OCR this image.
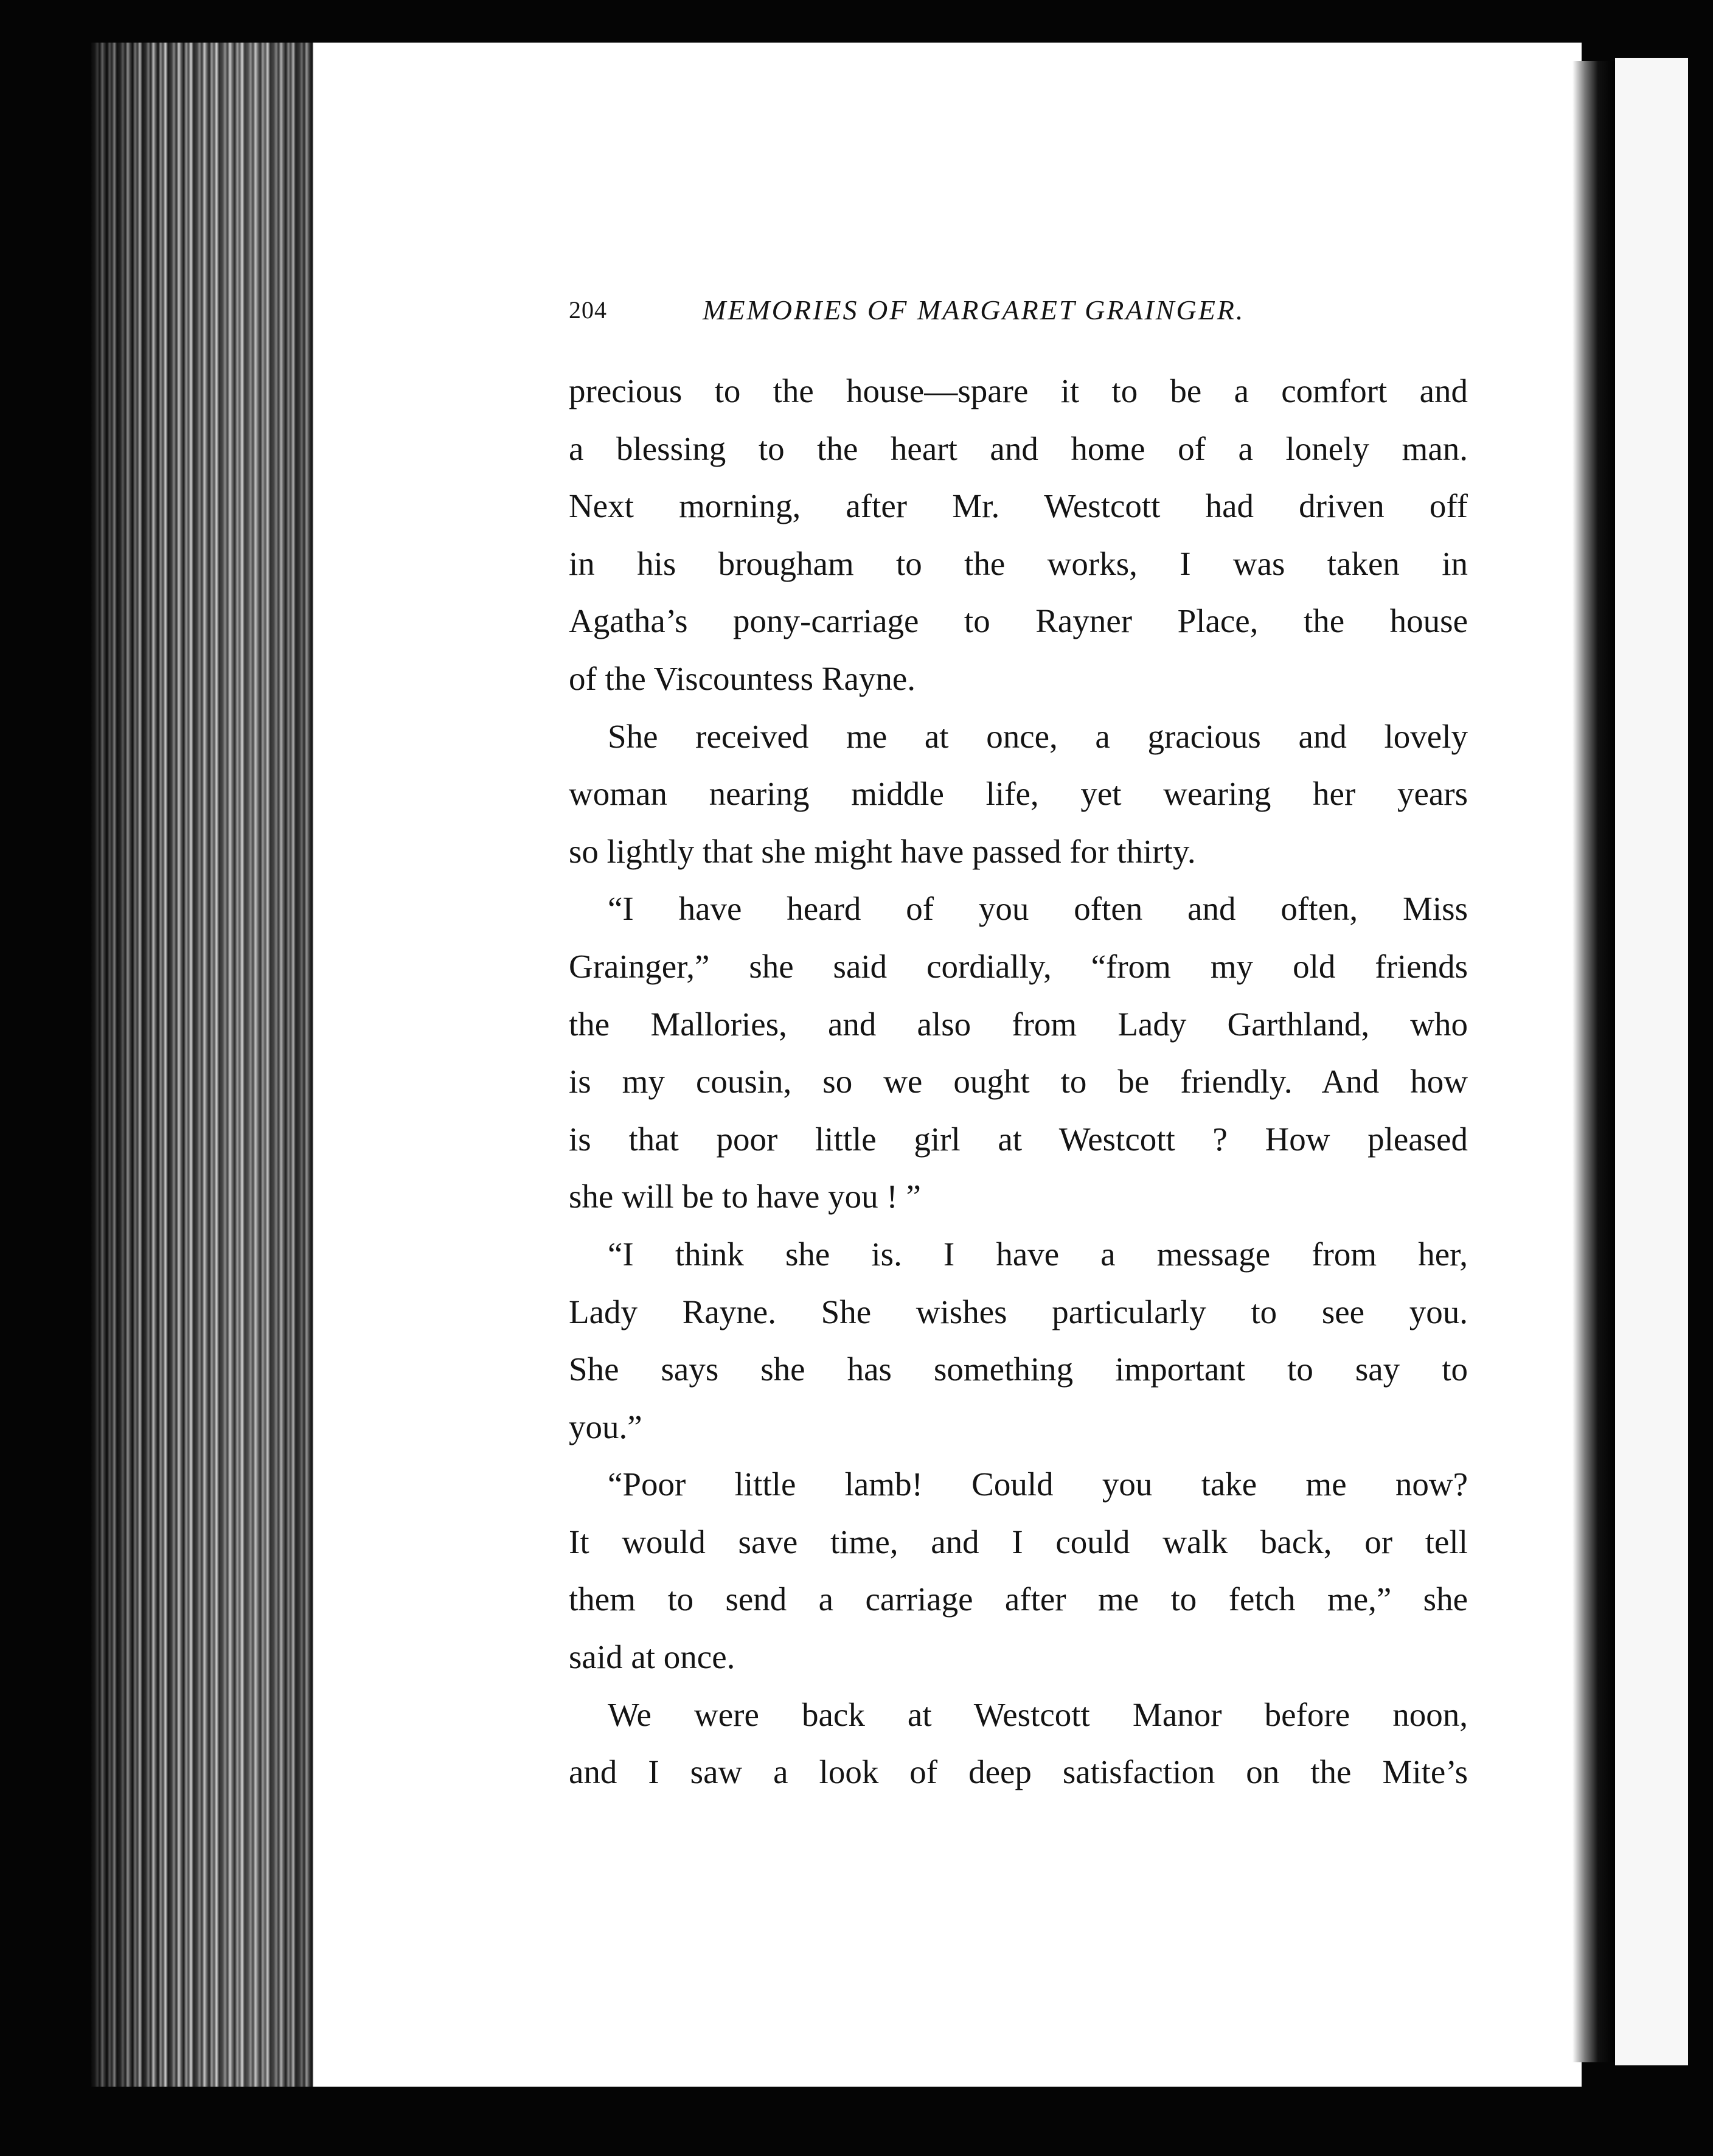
204	MEMORIES OF MARGARET GRAINGER.
precious to the house—spare it to be a comfort and
a blessing to the heart and home of a lonely man.
Next morning, after Mr. Westcott had driven off
in his brougham to the works, I was taken in
Agatha’s pony-carriage to Rayner Place, the house
of the Viscountess Rayne.
She received me at once, a gracious and lovely
woman nearing middle life, yet wearing her years
so lightly that she might have passed for thirty.
“I have heard of you often and often, Miss
Grainger,” she said cordially, “from my old friends
the Mallories, and also from Lady Garthland, who
is my cousin, so we ought to be friendly. And how
is that poor little girl at Westcott ? How pleased
she will be to have you ! ”
“I think she is. I have a message from her,
Lady Rayne. She wishes particularly to see you.
She says she has something important to say to
you.”
“Poor little lamb! Could you take me now?
It would save time, and I could walk back, or tell
them to send a carriage after me to fetch me,” she
said at once.
We were back at Westcott Manor before noon,
and I saw a look of deep satisfaction on the Mite’s
